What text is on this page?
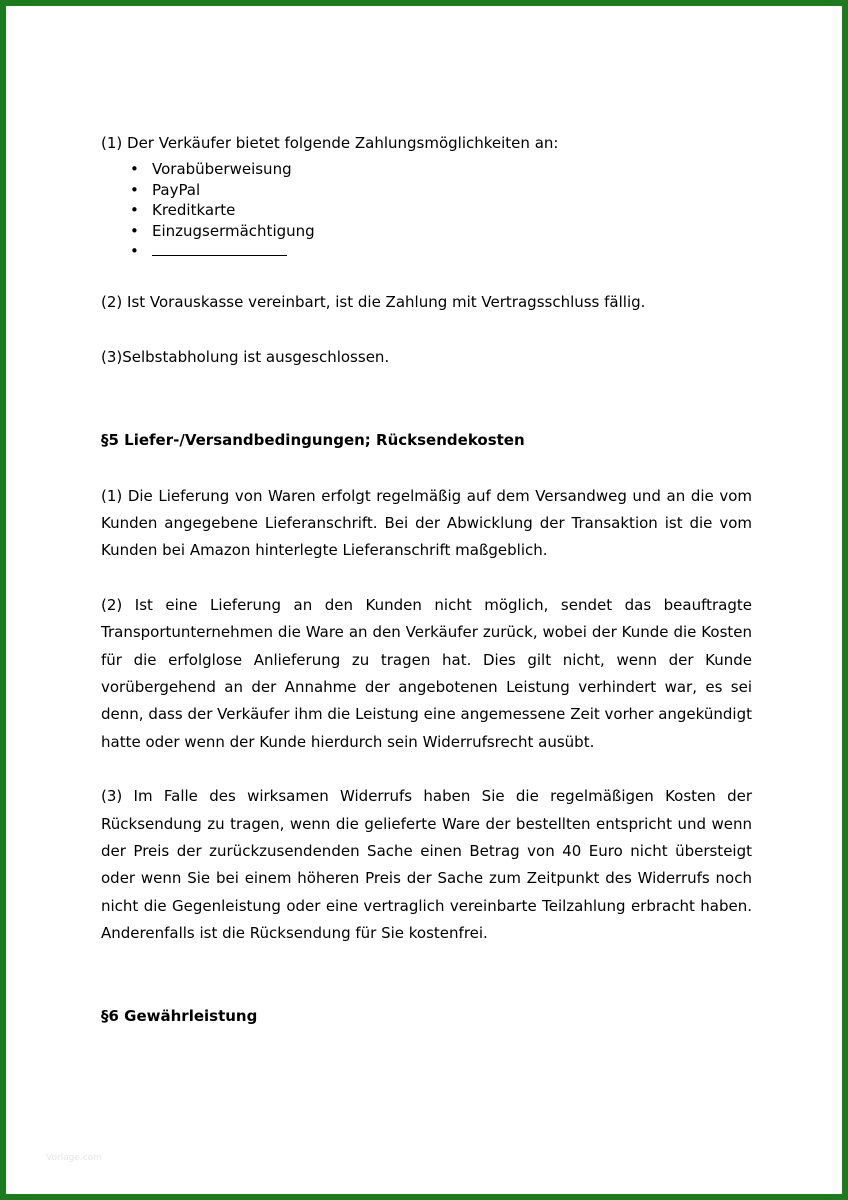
(1) Der Verkäufer bietet folgende Zahlungsmöglichkeiten an:

• Vorabüberweisung
• PayPal
• Kreditkarte
• Einzugsermächtigung
•

(2) Ist Vorauskasse vereinbart, ist die Zahlung mit Vertragsschluss fällig.

(3)Selbstabholung ist ausgeschlossen.

§5 Liefer-/Versandbedingungen; Rücksendekosten

(1) Die Lieferung von Waren erfolgt regelmäßig auf dem Versandweg und an die vom Kunden angegebene Lieferanschrift. Bei der Abwicklung der Transaktion ist die vom Kunden bei Amazon hinterlegte Lieferanschrift maßgeblich.

(2) Ist eine Lieferung an den Kunden nicht möglich, sendet das beauftragte Transportunternehmen die Ware an den Verkäufer zurück, wobei der Kunde die Kosten für die erfolglose Anlieferung zu tragen hat. Dies gilt nicht, wenn der Kunde vorübergehend an der Annahme der angebotenen Leistung verhindert war, es sei denn, dass der Verkäufer ihm die Leistung eine angemessene Zeit vorher angekündigt hatte oder wenn der Kunde hierdurch sein Widerrufsrecht ausübt.

(3) Im Falle des wirksamen Widerrufs haben Sie die regelmäßigen Kosten der Rücksendung zu tragen, wenn die gelieferte Ware der bestellten entspricht und wenn der Preis der zurückzusendenden Sache einen Betrag von 40 Euro nicht übersteigt oder wenn Sie bei einem höheren Preis der Sache zum Zeitpunkt des Widerrufs noch nicht die Gegenleistung oder eine vertraglich vereinbarte Teilzahlung erbracht haben. Anderenfalls ist die Rücksendung für Sie kostenfrei.

§6 Gewährleistung
Vorlage.com
